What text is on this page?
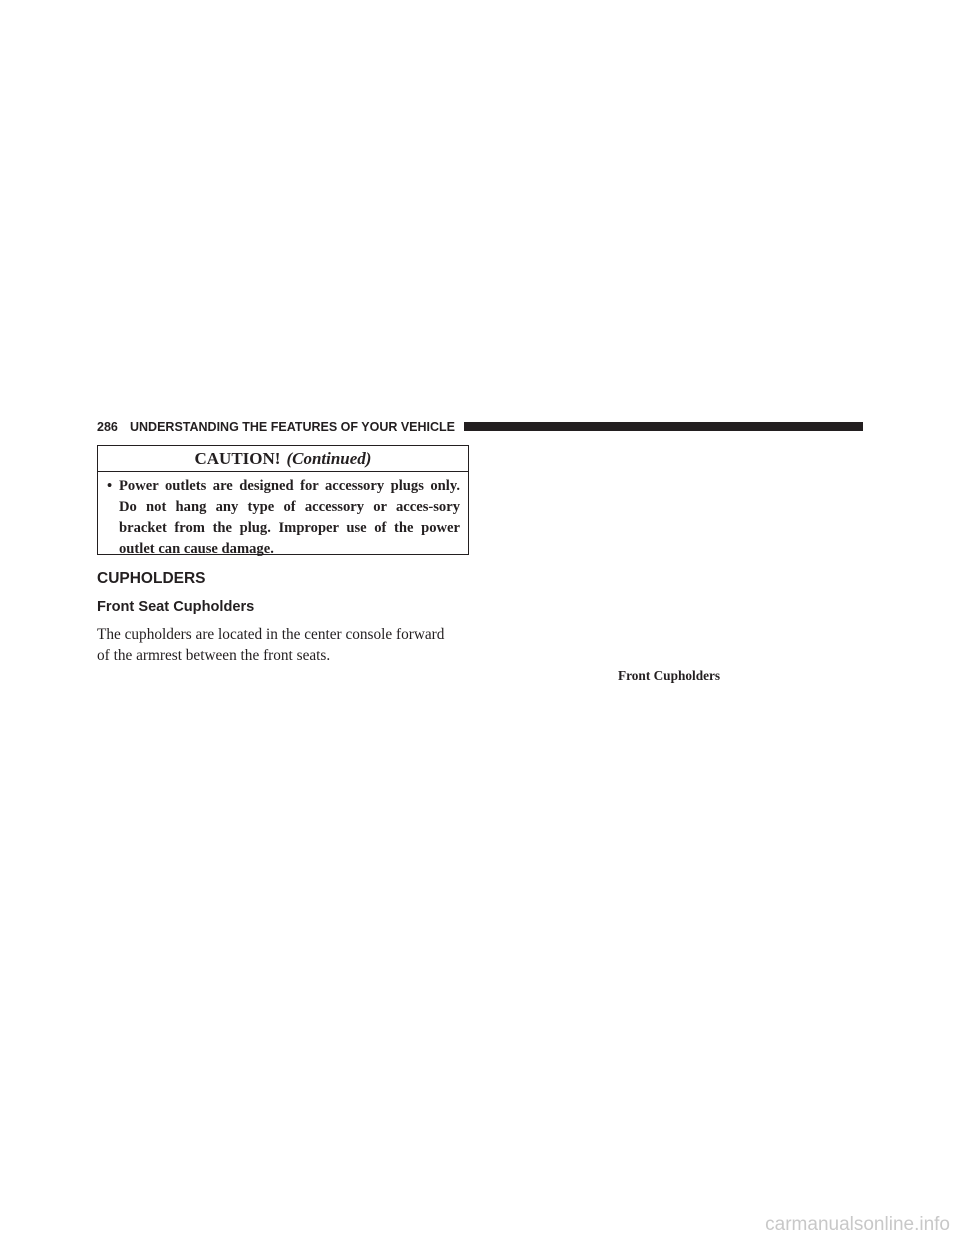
286 UNDERSTANDING THE FEATURES OF YOUR VEHICLE
CAUTION! (Continued)
• Power outlets are designed for accessory plugs only. Do not hang any type of accessory or acces-sory bracket from the plug. Improper use of the power outlet can cause damage.
CUPHOLDERS
Front Seat Cupholders
The cupholders are located in the center console forward
of the armrest between the front seats.
Front Cupholders
carmanualsonline.info
